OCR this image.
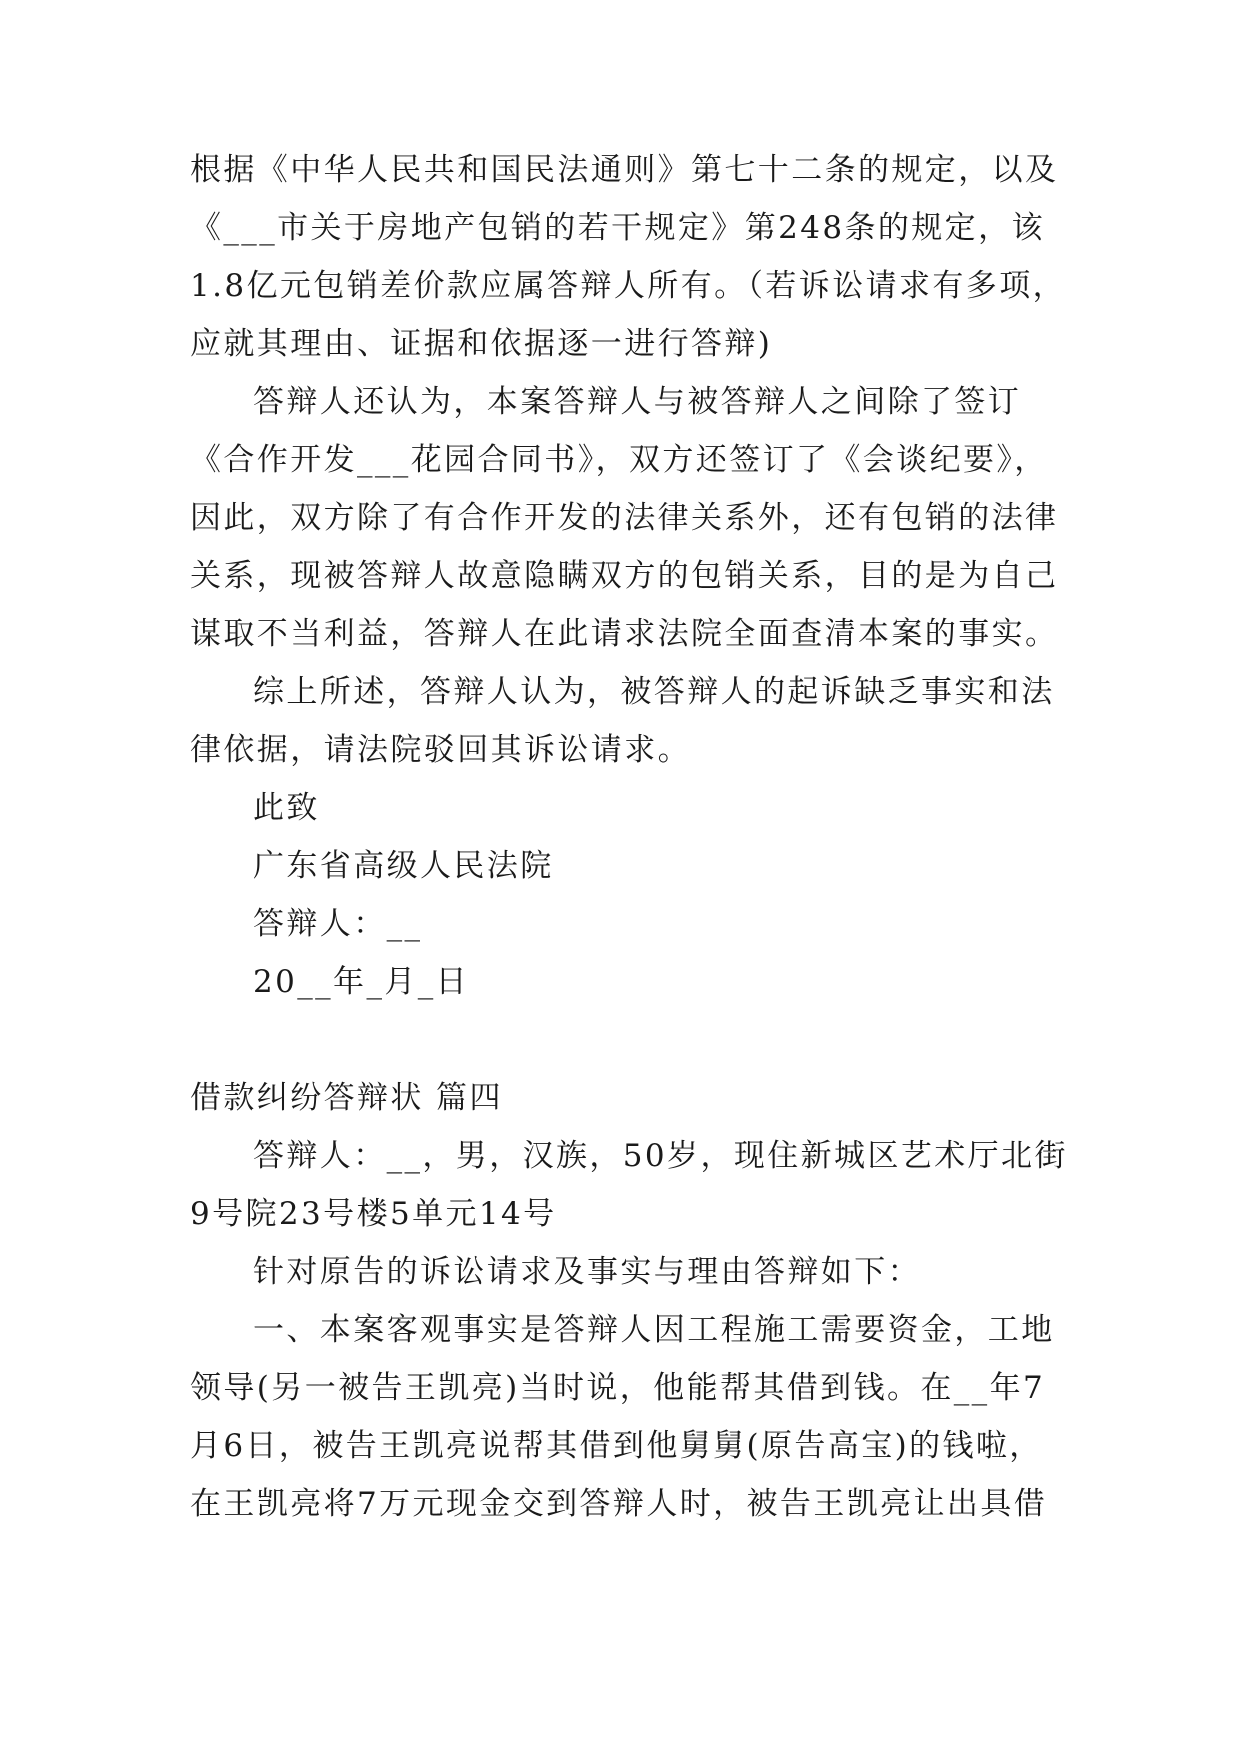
根据《中华人民共和国民法通则》第七十二条的规定，以及
《___市关于房地产包销的若干规定》第248条的规定，该
1.8亿元包销差价款应属答辩人所有。（若诉讼请求有多项，
应就其理由、证据和依据逐一进行答辩)
答辩人还认为，本案答辩人与被答辩人之间除了签订
《合作开发___花园合同书》，双方还签订了《会谈纪要》，
因此，双方除了有合作开发的法律关系外，还有包销的法律
关系，现被答辩人故意隐瞒双方的包销关系，目的是为自己
谋取不当利益，答辩人在此请求法院全面查清本案的事实。
综上所述，答辩人认为，被答辩人的起诉缺乏事实和法
律依据，请法院驳回其诉讼请求。
此致
广东省高级人民法院
答辩人：__
20__年_月_日
借款纠纷答辩状 篇四
答辩人：__，男，汉族，50岁，现住新城区艺术厅北街
9号院23号楼5单元14号
针对原告的诉讼请求及事实与理由答辩如下：
一、本案客观事实是答辩人因工程施工需要资金，工地
领导(另一被告王凯亮)当时说，他能帮其借到钱。在__年7
月6日，被告王凯亮说帮其借到他舅舅(原告高宝)的钱啦，
在王凯亮将7万元现金交到答辩人时，被告王凯亮让出具借
